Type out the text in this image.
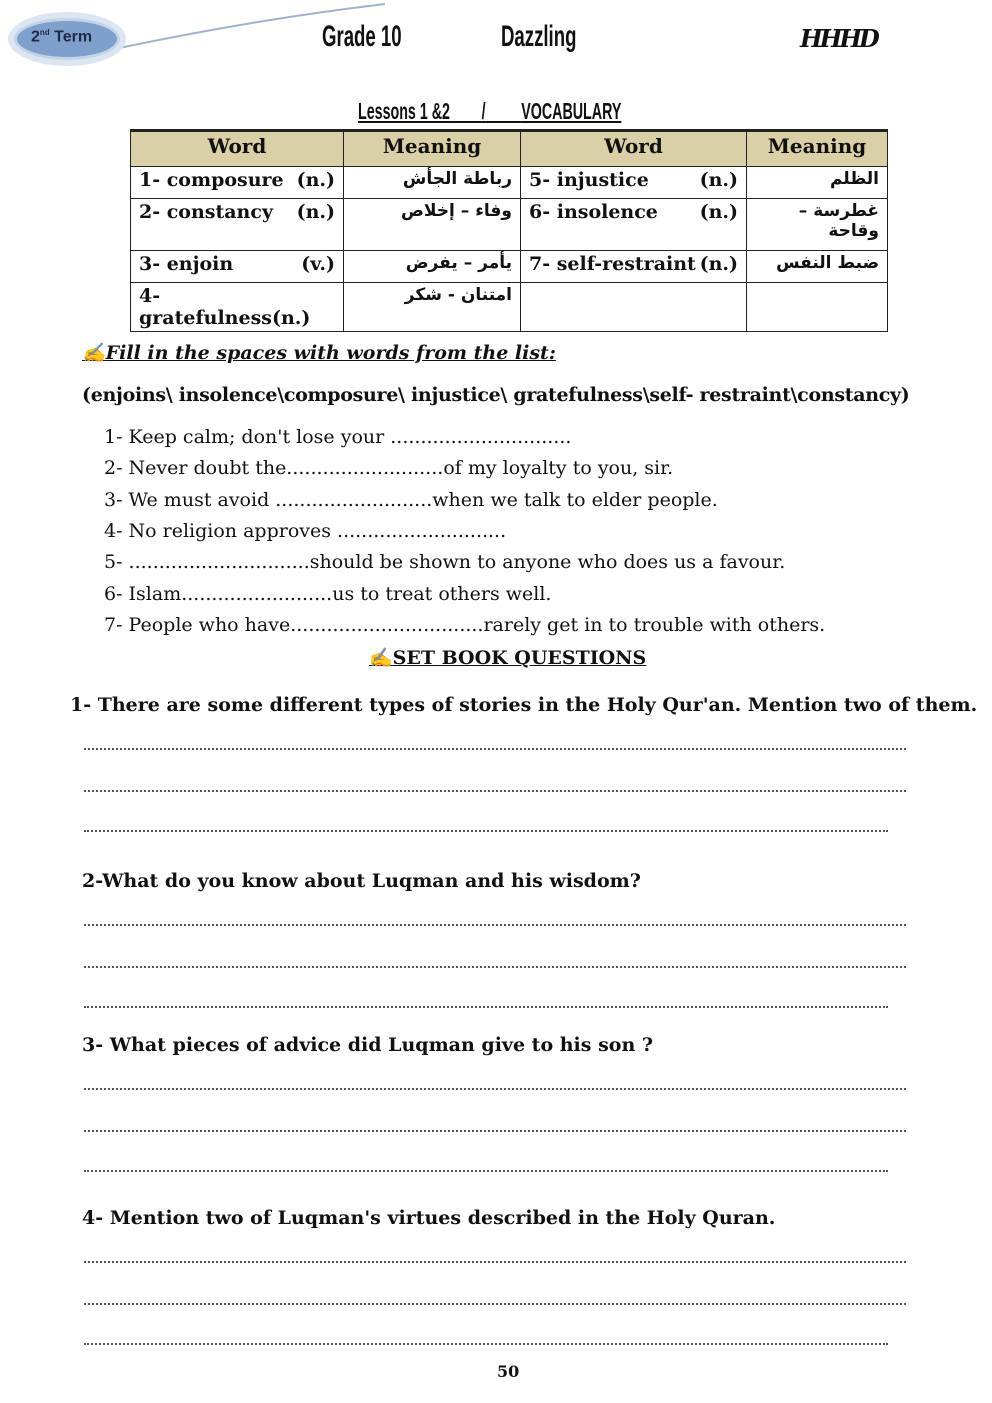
2nd Term	Grade 10	Dazzling	HHHD
Lessons 1 &2 / VOCABULARY
Word	Meaning	Word	Meaning

1- composure (n.)	رباطة الجأش	5- injustice (n.)	الظلم

2- constancy (n.)	وفاء – إخلاص	6- insolence (n.)	غطرسة – وقاحة

3- enjoin (v.)	يأمر – يفرض	7- self-restraint (n.)	ضبط النفس

4- gratefulness(n.)	امتنان - شكر	

✍Fill in the spaces with words from the list:
(enjoins\ insolence\composure\ injustice\ gratefulness\self- restraint\constancy)
1- Keep calm; don't lose your ..............................
2- Never doubt the..........................of my loyalty to you, sir.
3- We must avoid ..........................when we talk to elder people.
4- No religion approves ............................
5- ..............................should be shown to anyone who does us a favour.
6- Islam.........................us to treat others well.
7- People who have................................rarely get in to trouble with others.
✍SET BOOK QUESTIONS
1- There are some different types of stories in the Holy Qur'an. Mention two of them.
2-What do you know about Luqman and his wisdom?
3- What pieces of advice did Luqman give to his son ?
4- Mention two of Luqman's virtues described in the Holy Quran.
50
